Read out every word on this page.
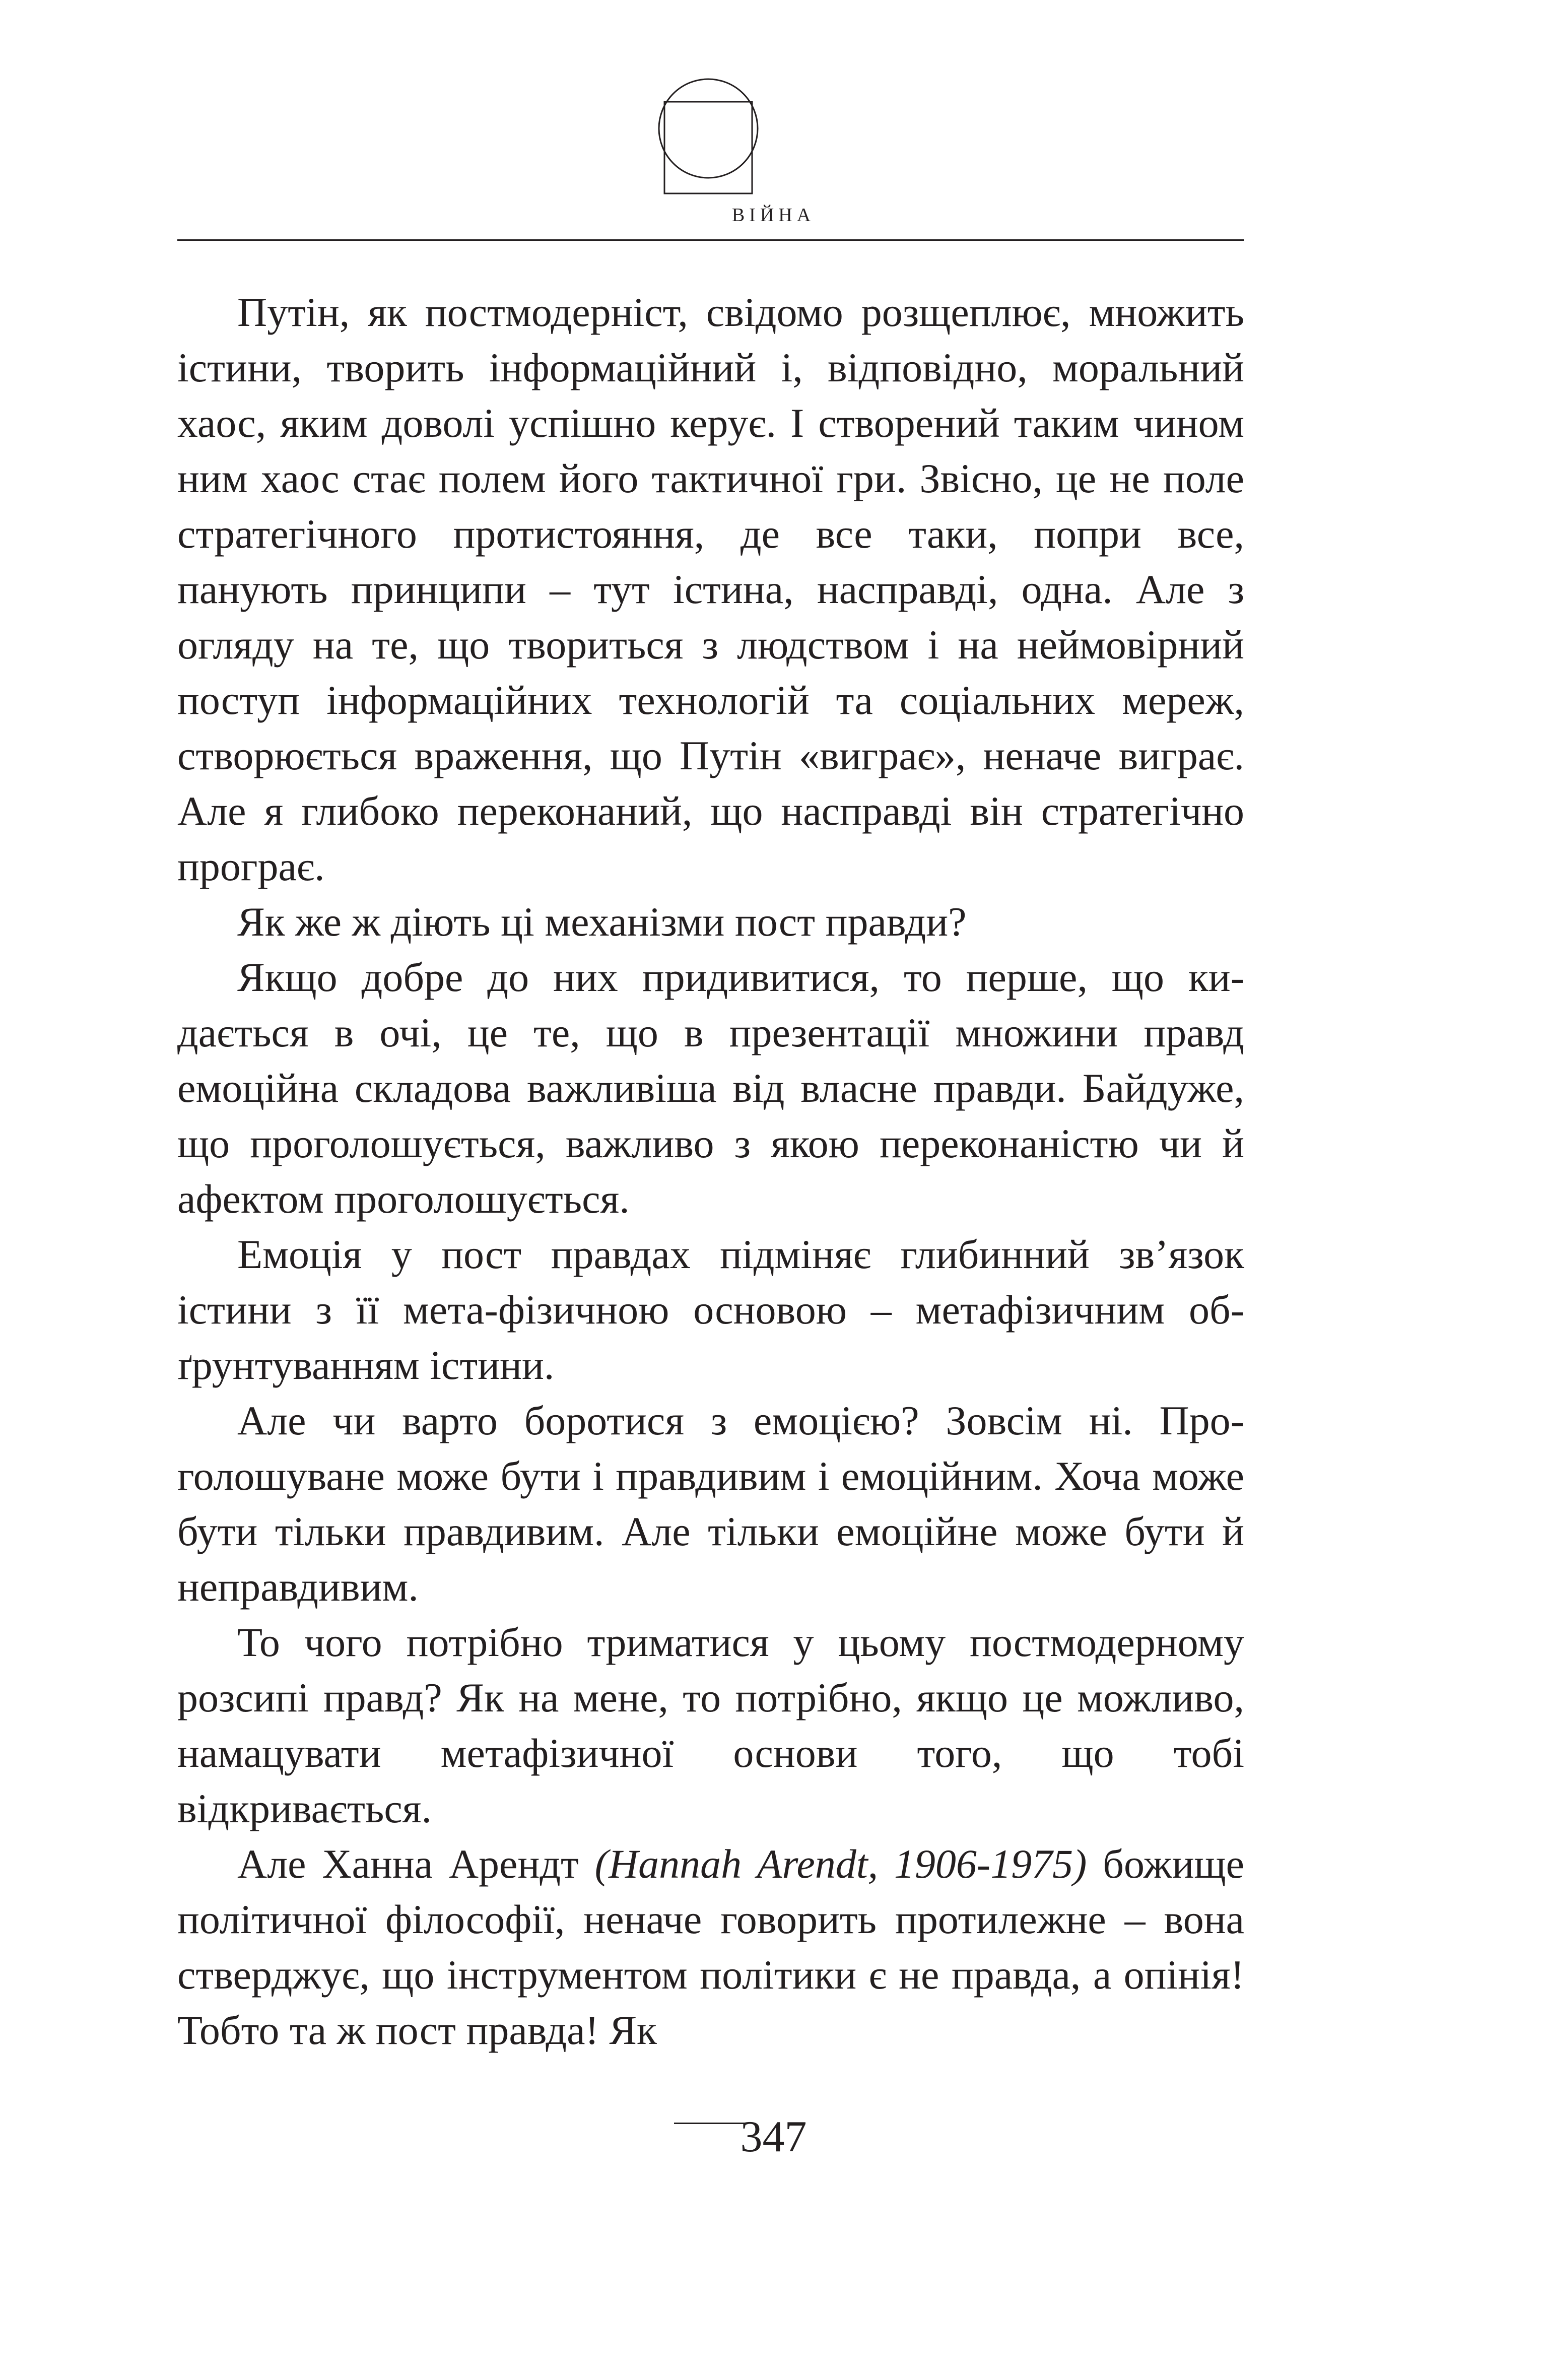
ВІЙНА

Путін, як постмодерніст, свідомо розщеплює, множить істини, творить інформаційний і, відповідно, моральний хаос, яким доволі успішно керує. І створений таким чином ним хаос стає полем його тактичної гри. Звісно, це не поле стратегічного протистояння, де все таки, попри все, панують принципи – тут істина, насправді, одна. Але з огляду на те, що твориться з людством і на неймовірний поступ інформаційних технологій та соціальних мереж, створюється враження, що Путін «виграє», неначе виграє. Але я глибоко переконаний, що насправді він стратегічно програє.

Як же ж діють ці механізми пост правди?

Якщо добре до них придивитися, то перше, що кидається в очі, це те, що в презентації множини правд емоційна складова важливіша від власне правди. Байдуже, що проголошується, важливо з якою переконаністю чи й афектом проголошується.

Емоція у пост правдах підміняє глибинний зв’язок істини з її мета-фізичною основою – метафізичним обґрунтуванням істини.

Але чи варто боротися з емоцією? Зовсім ні. Проголошуване може бути і правдивим і емоційним. Хоча може бути тільки правдивим. Але тільки емоційне може бути й неправдивим.

То чого потрібно триматися у цьому постмодерному розсипі правд? Як на мене, то потрібно, якщо це можливо, намацувати метафізичної основи того, що тобі відкривається.

Але Ханна Арендт (Hannah Arendt, 1906-1975) божище політичної філософії, неначе говорить протилежне – вона стверджує, що інструментом політики є не правда, а опінія! Тобто та ж пост правда! Як

347
